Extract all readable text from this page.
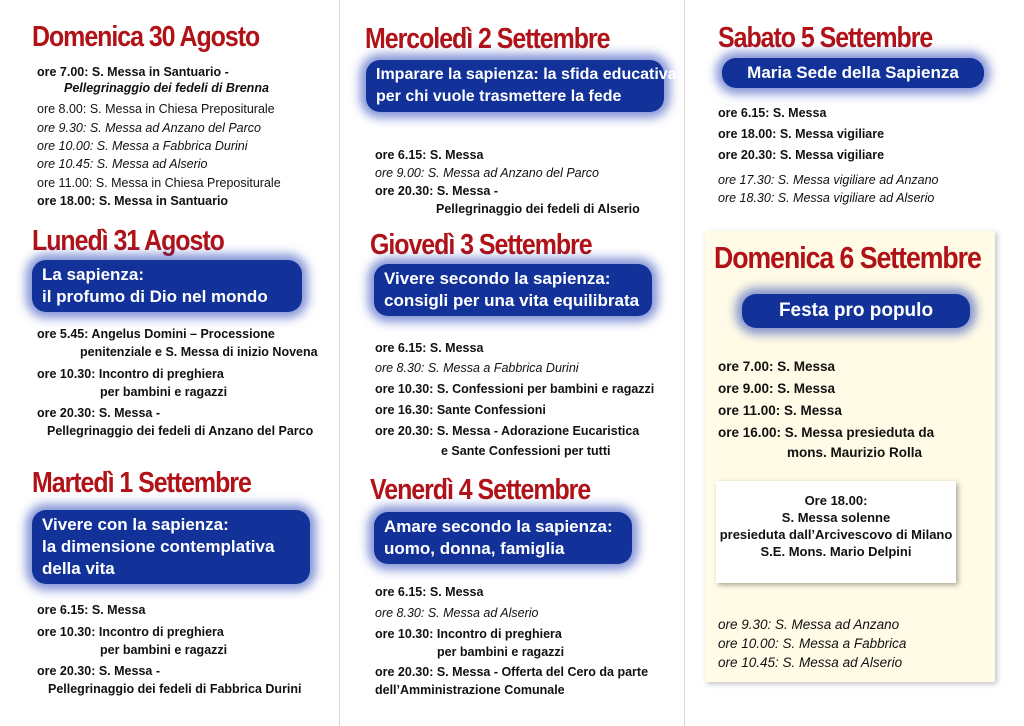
Domenica 30 Agosto
ore 7.00: S. Messa in Santuario -
Pellegrinaggio dei fedeli di Brenna
ore 8.00: S. Messa in Chiesa Prepositurale
ore 9.30: S. Messa ad Anzano del Parco
ore 10.00: S. Messa a Fabbrica Durini
ore 10.45: S. Messa ad Alserio
ore 11.00: S. Messa in Chiesa Prepositurale
ore 18.00: S. Messa in Santuario
Lunedì 31 Agosto
La sapienza:
il profumo di Dio nel mondo
ore 5.45: Angelus Domini – Processione
penitenziale e S. Messa di inizio Novena
ore 10.30: Incontro di preghiera
per bambini e ragazzi
ore 20.30: S. Messa -
Pellegrinaggio dei fedeli di Anzano del Parco
Martedì 1 Settembre
Vivere con la sapienza:
la dimensione contemplativa
della vita
ore 6.15: S. Messa
ore 10.30: Incontro di preghiera
per bambini e ragazzi
ore 20.30: S. Messa -
Pellegrinaggio dei fedeli di Fabbrica Durini
Mercoledì 2 Settembre
Imparare la sapienza: la sfida educativa
per chi vuole trasmettere la fede
ore 6.15: S. Messa
ore 9.00: S. Messa ad Anzano del Parco
ore 20.30: S. Messa -
Pellegrinaggio dei fedeli di Alserio
Giovedì 3 Settembre
Vivere secondo la sapienza:
consigli per una vita equilibrata
ore 6.15: S. Messa
ore 8.30: S. Messa a Fabbrica Durini
ore 10.30: S. Confessioni per bambini e ragazzi
ore 16.30: Sante Confessioni
ore 20.30: S. Messa - Adorazione Eucaristica
e Sante Confessioni per tutti
Venerdì 4 Settembre
Amare secondo la sapienza:
uomo, donna, famiglia
ore 6.15: S. Messa
ore 8.30: S. Messa ad Alserio
ore 10.30: Incontro di preghiera
per bambini e ragazzi
ore 20.30: S. Messa - Offerta del Cero da parte
dell’Amministrazione Comunale
Sabato 5 Settembre
Maria Sede della Sapienza
ore 6.15: S. Messa
ore 18.00: S. Messa vigiliare
ore 20.30: S. Messa vigiliare
ore 17.30: S. Messa vigiliare ad Anzano
ore 18.30: S. Messa vigiliare ad Alserio
Domenica 6 Settembre
Festa pro populo
ore 7.00: S. Messa
ore 9.00: S. Messa
ore 11.00: S. Messa
ore 16.00: S. Messa presieduta da
mons. Maurizio Rolla
Ore 18.00:
S. Messa solenne
presieduta dall’Arcivescovo di Milano
S.E. Mons. Mario Delpini
ore 9.30: S. Messa ad Anzano
ore 10.00: S. Messa a Fabbrica
ore 10.45: S. Messa ad Alserio
